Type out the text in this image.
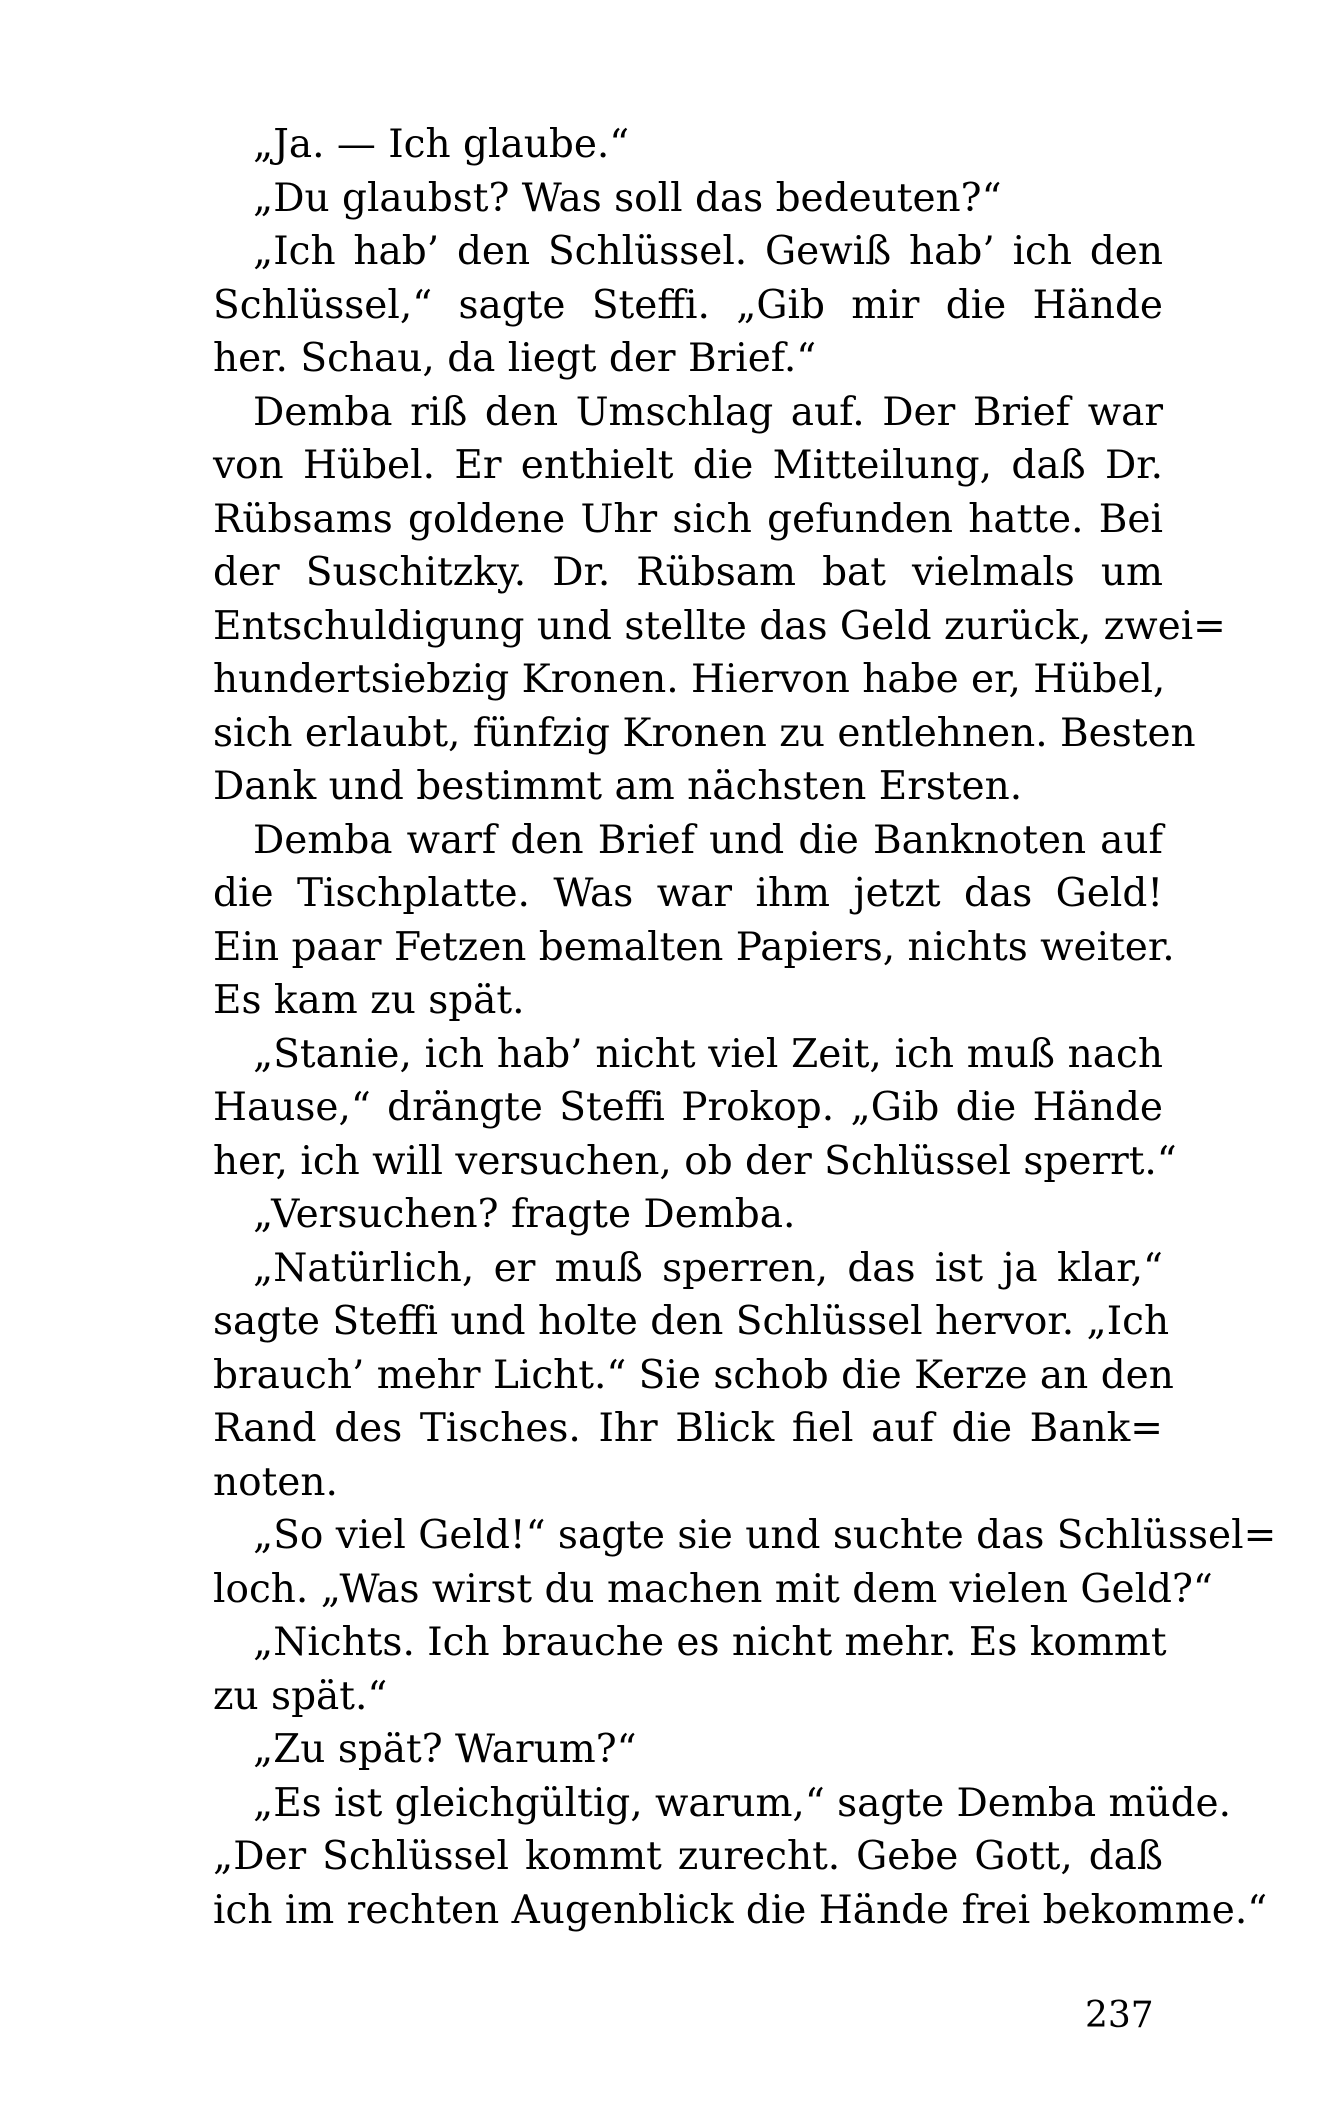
„Ja. — Ich glaube.“

„Du glaubst? Was soll das bedeuten?“

„Ich hab’ den Schlüssel. Gewiß hab’ ich den
Schlüssel,“ sagte Steffi. „Gib mir die Hände
her. Schau, da liegt der Brief.“

Demba riß den Umschlag auf. Der Brief war
von Hübel. Er enthielt die Mitteilung, daß Dr.
Rübsams goldene Uhr sich gefunden hatte. Bei
der Suschitzky. Dr. Rübsam bat vielmals um
Entschuldigung und stellte das Geld zurück, zwei=
hundertsiebzig Kronen. Hiervon habe er, Hübel,
sich erlaubt, fünfzig Kronen zu entlehnen. Besten
Dank und bestimmt am nächsten Ersten.

Demba warf den Brief und die Banknoten auf
die Tischplatte. Was war ihm jetzt das Geld!
Ein paar Fetzen bemalten Papiers, nichts weiter.
Es kam zu spät.

„Stanie, ich hab’ nicht viel Zeit, ich muß nach
Hause,“ drängte Steffi Prokop. „Gib die Hände
her, ich will versuchen, ob der Schlüssel sperrt.“

„Versuchen? fragte Demba.

„Natürlich, er muß sperren, das ist ja klar,“
sagte Steffi und holte den Schlüssel hervor. „Ich
brauch’ mehr Licht.“ Sie schob die Kerze an den
Rand des Tisches. Ihr Blick fiel auf die Bank=
noten.

„So viel Geld!“ sagte sie und suchte das Schlüssel=
loch. „Was wirst du machen mit dem vielen Geld?“

„Nichts. Ich brauche es nicht mehr. Es kommt
zu spät.“

„Zu spät? Warum?“

„Es ist gleichgültig, warum,“ sagte Demba müde.
„Der Schlüssel kommt zurecht. Gebe Gott, daß
ich im rechten Augenblick die Hände frei bekomme.“

237
